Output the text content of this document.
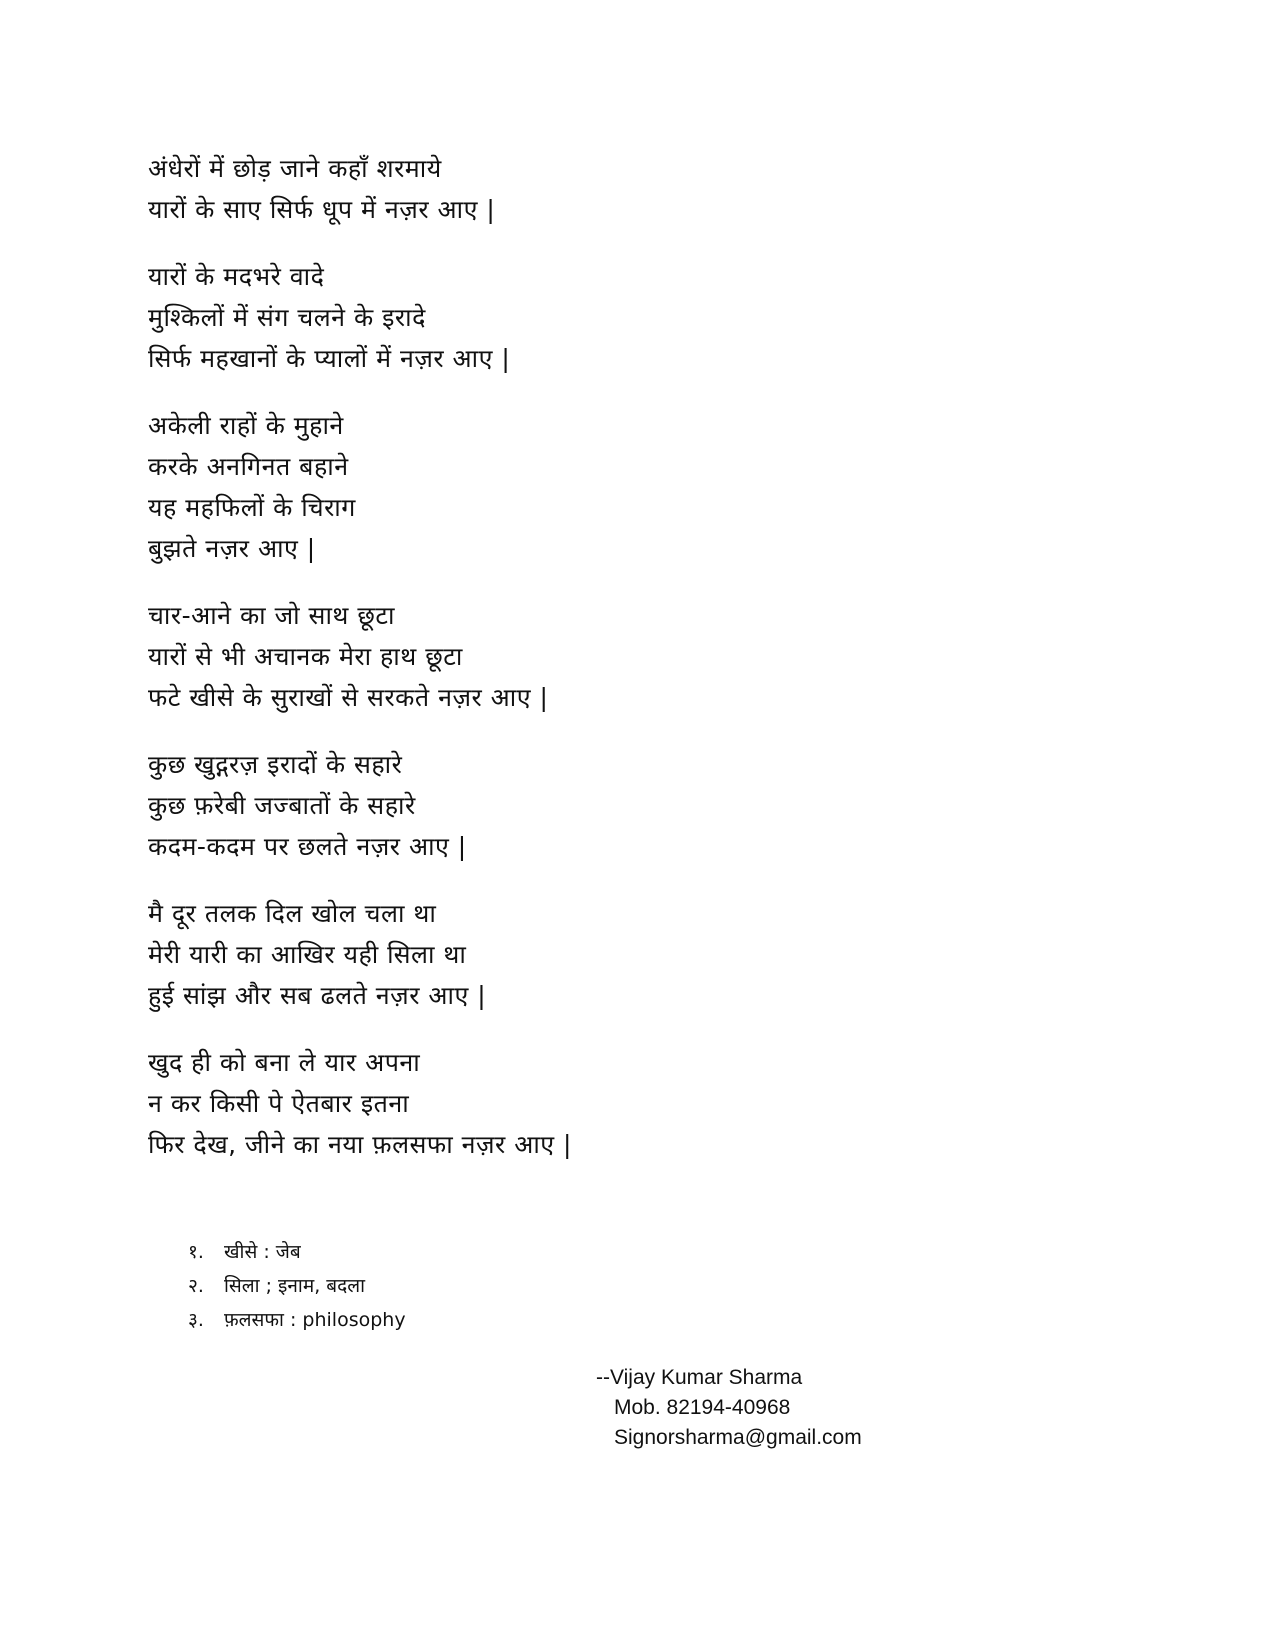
अंधेरों में छोड़ जाने कहाँ शरमाये
यारों के साए सिर्फ धूप में नज़र आए |
यारों के मदभरे वादे
मुश्किलों में संग चलने के इरादे
सिर्फ महखानों के प्यालों में नज़र आए |
अकेली राहों के मुहाने
करके अनगिनत बहाने
यह महफिलों के चिराग
बुझते नज़र आए |
चार-आने का जो साथ छूटा
यारों से भी अचानक मेरा हाथ छूटा
फटे खीसे के सुराखों से सरकते नज़र आए |
कुछ खुद्गरज़ इरादों के सहारे
कुछ फ़रेबी जज्बातों के सहारे
कदम-कदम पर छलते नज़र आए |
मै दूर तलक दिल खोल चला था
मेरी यारी का आखिर यही सिला था
हुई सांझ और सब ढलते नज़र आए |
खुद ही को बना ले यार अपना
न कर किसी पे ऐतबार इतना
फिर देख, जीने का नया फ़लसफा नज़र आए |
१. खीसे : जेब
२. सिला ; इनाम, बदला
३. फ़लसफा : philosophy
--Vijay Kumar Sharma
Mob. 82194-40968
Signorsharma@gmail.com
